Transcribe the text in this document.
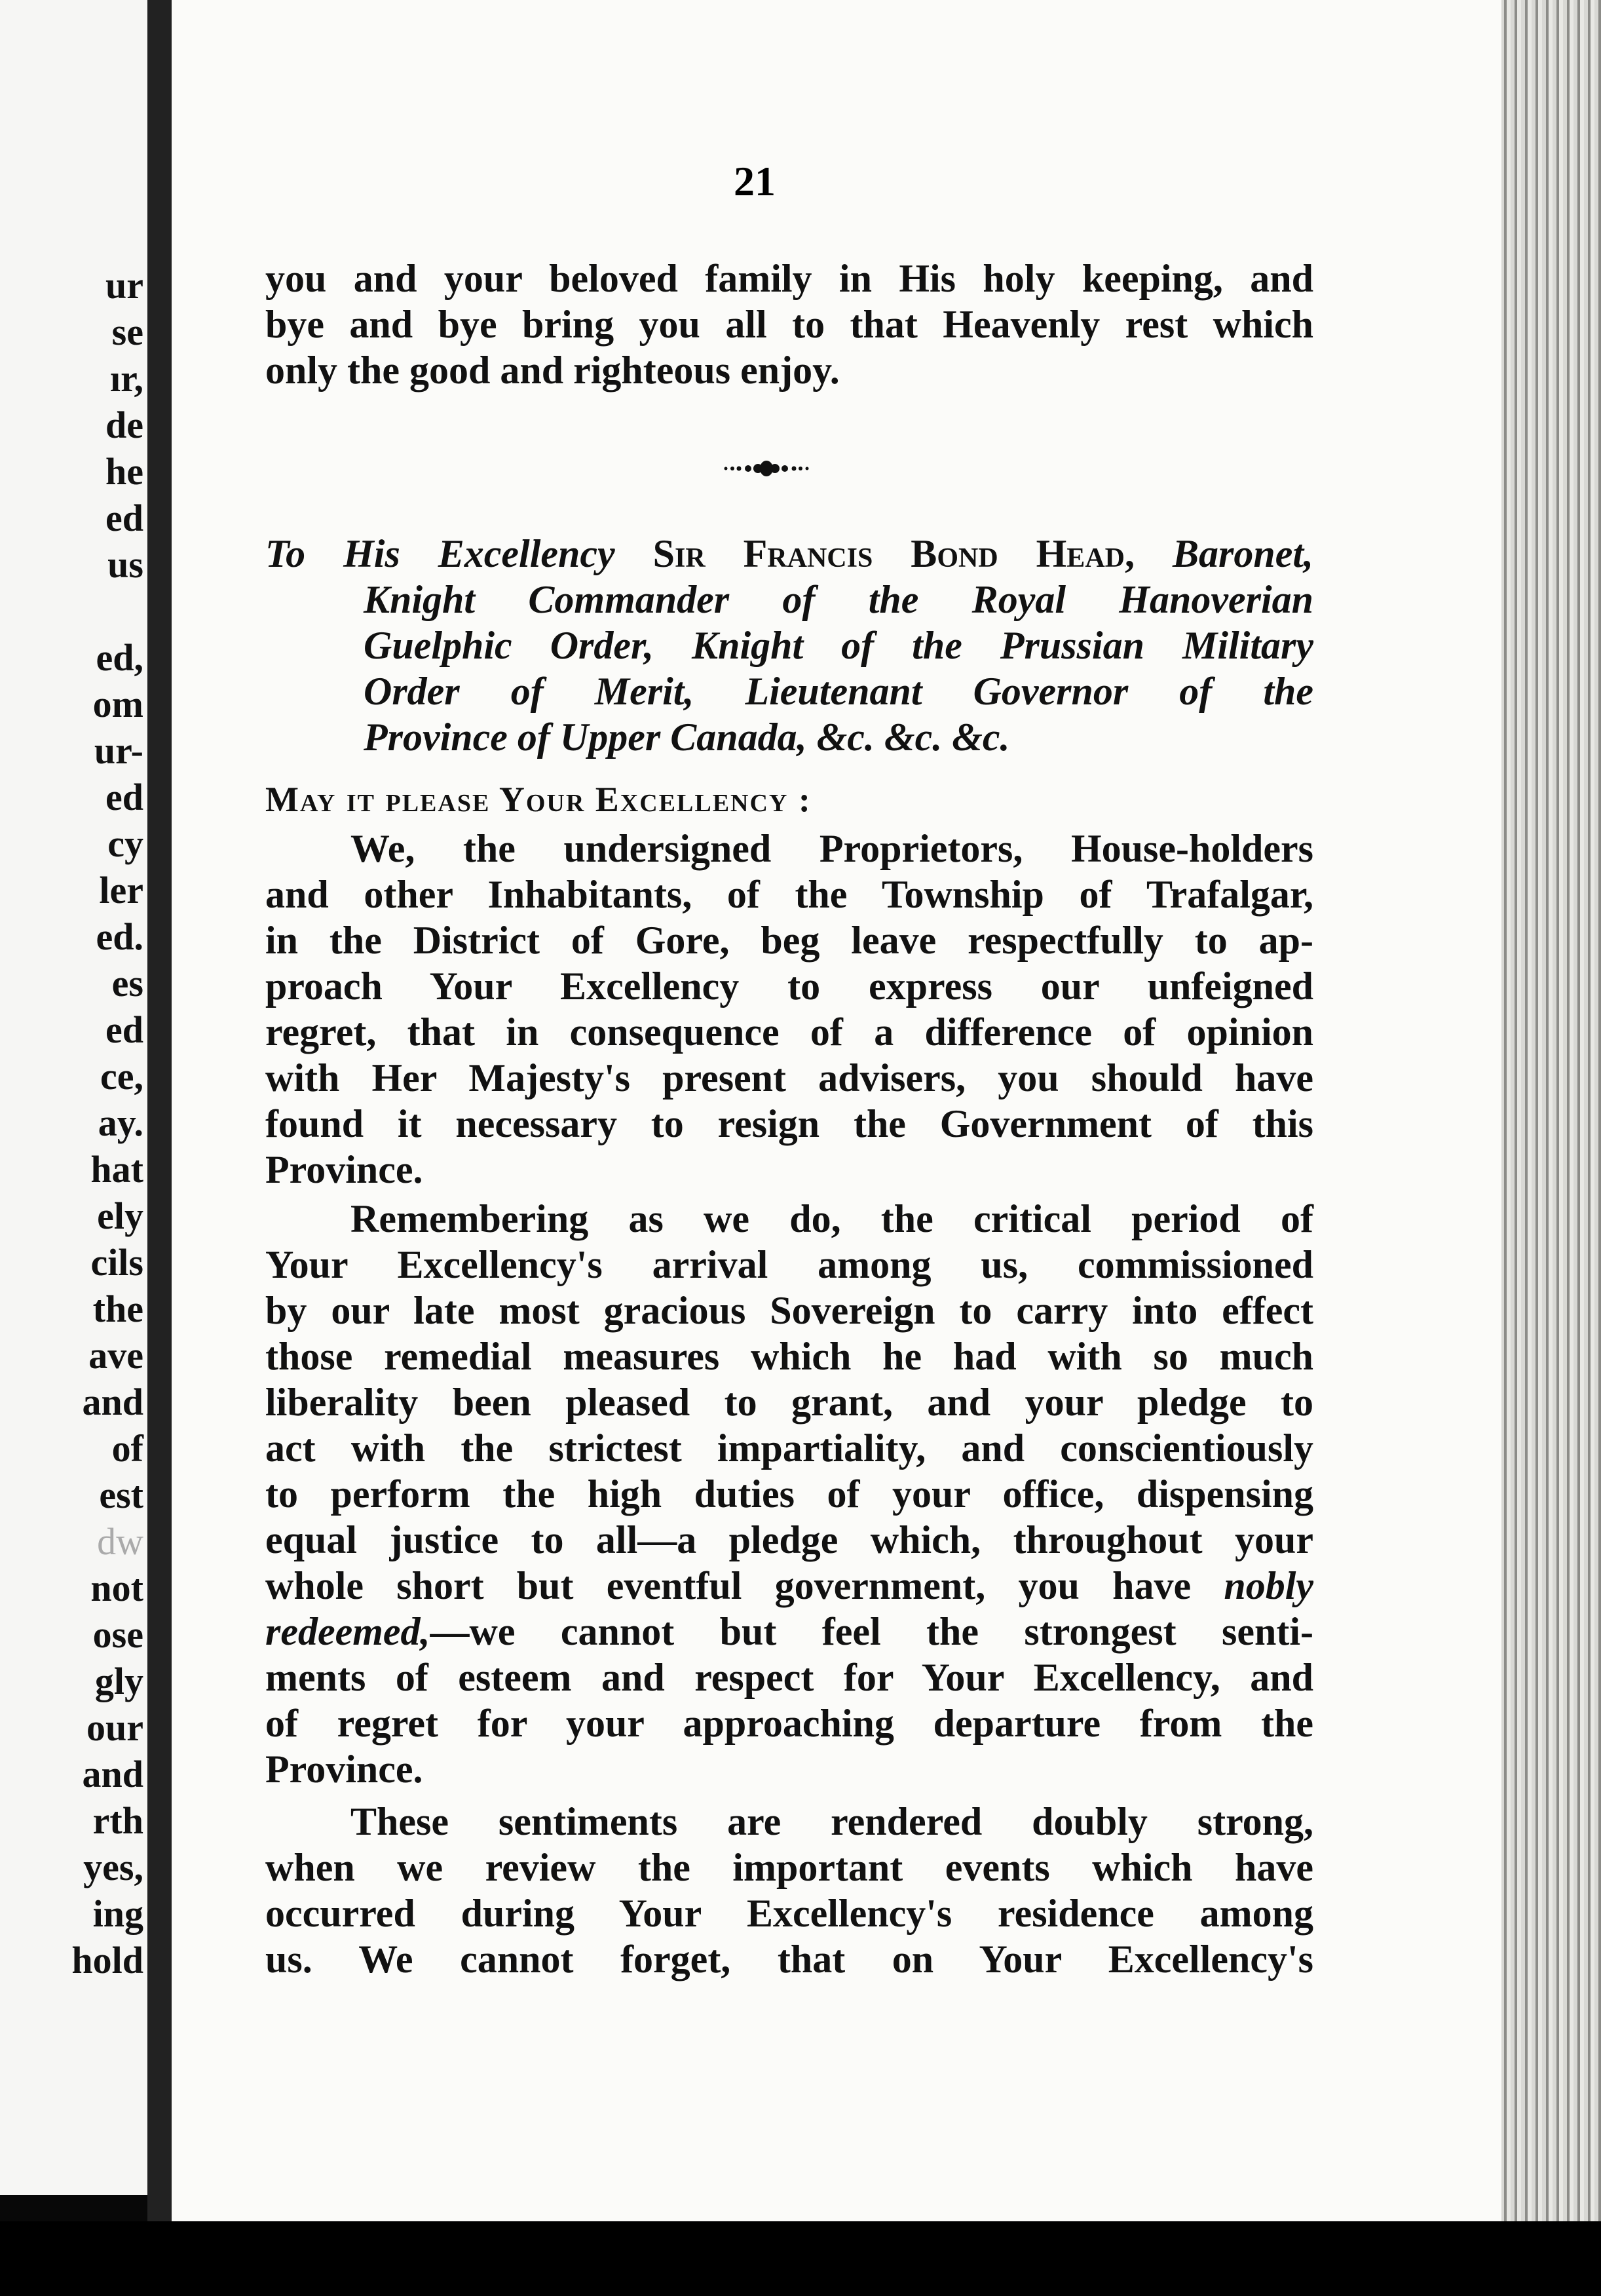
ur
se
ır,
de
he
ed
us
ed,
om
ur-
ed
cy
ler
ed.
es
ed
ce,
ay.
hat
ely
cils
the
ave
and
of
est
dw
not
ose
gly
our
and
rth
yes,
ing
hold
21
you and your beloved family in His holy keeping, and
bye and bye bring you all to that Heavenly rest which
only the good and righteous enjoy.
To His Excellency Sir Francis Bond Head, Baronet,
Knight Commander of the Royal Hanoverian
Guelphic Order, Knight of the Prussian Military
Order of Merit, Lieutenant Governor of the
Province of Upper Canada, &c. &c. &c.
May it please Your Excellency :
We, the undersigned Proprietors, House-holders
and other Inhabitants, of the Township of Trafalgar,
in the District of Gore, beg leave respectfully to ap-
proach Your Excellency to express our unfeigned
regret, that in consequence of a difference of opinion
with Her Majesty's present advisers, you should have
found it necessary to resign the Government of this
Province.
Remembering as we do, the critical period of
Your Excellency's arrival among us, commissioned
by our late most gracious Sovereign to carry into effect
those remedial measures which he had with so much
liberality been pleased to grant, and your pledge to
act with the strictest impartiality, and conscientiously
to perform the high duties of your office, dispensing
equal justice to all—a pledge which, throughout your
whole short but eventful government, you have nobly
redeemed,—we cannot but feel the strongest senti-
ments of esteem and respect for Your Excellency, and
of regret for your approaching departure from the
Province.
These sentiments are rendered doubly strong,
when we review the important events which have
occurred during Your Excellency's residence among
us. We cannot forget, that on Your Excellency's
